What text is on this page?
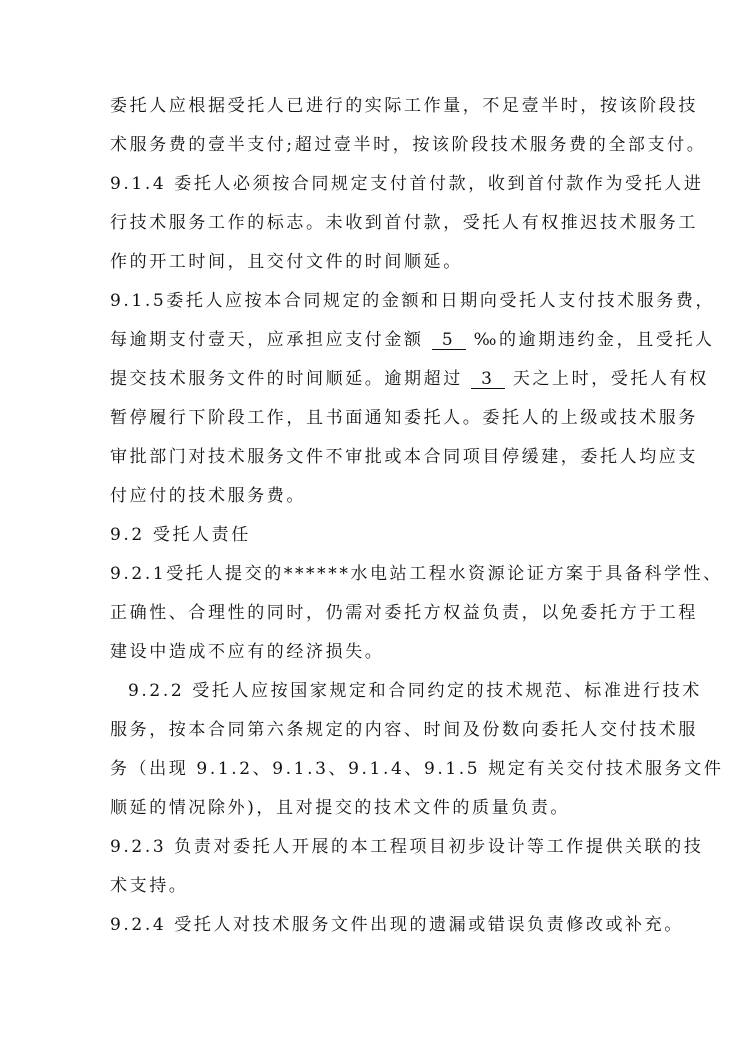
委托人应根据受托人已进行的实际工作量，不足壹半时，按该阶段技
术服务费的壹半支付;超过壹半时，按该阶段技术服务费的全部支付。
9.1.4 委托人必须按合同规定支付首付款，收到首付款作为受托人进
行技术服务工作的标志。未收到首付款，受托人有权推迟技术服务工
作的开工时间，且交付文件的时间顺延。
9.1.5委托人应按本合同规定的金额和日期向受托人支付技术服务费，
每逾期支付壹天，应承担应支付金额 5 ‰的逾期违约金，且受托人
提交技术服务文件的时间顺延。逾期超过 3 天之上时，受托人有权
暂停履行下阶段工作，且书面通知委托人。委托人的上级或技术服务
审批部门对技术服务文件不审批或本合同项目停缓建，委托人均应支
付应付的技术服务费。
9.2 受托人责任
9.2.1受托人提交的******水电站工程水资源论证方案于具备科学性、
正确性、合理性的同时，仍需对委托方权益负责，以免委托方于工程
建设中造成不应有的经济损失。
9.2.2 受托人应按国家规定和合同约定的技术规范、标准进行技术
服务，按本合同第六条规定的内容、时间及份数向委托人交付技术服
务（出现 9.1.2、9.1.3、9.1.4、9.1.5 规定有关交付技术服务文件
顺延的情况除外)，且对提交的技术文件的质量负责。
9.2.3 负责对委托人开展的本工程项目初步设计等工作提供关联的技
术支持。
9.2.4 受托人对技术服务文件出现的遗漏或错误负责修改或补充。
